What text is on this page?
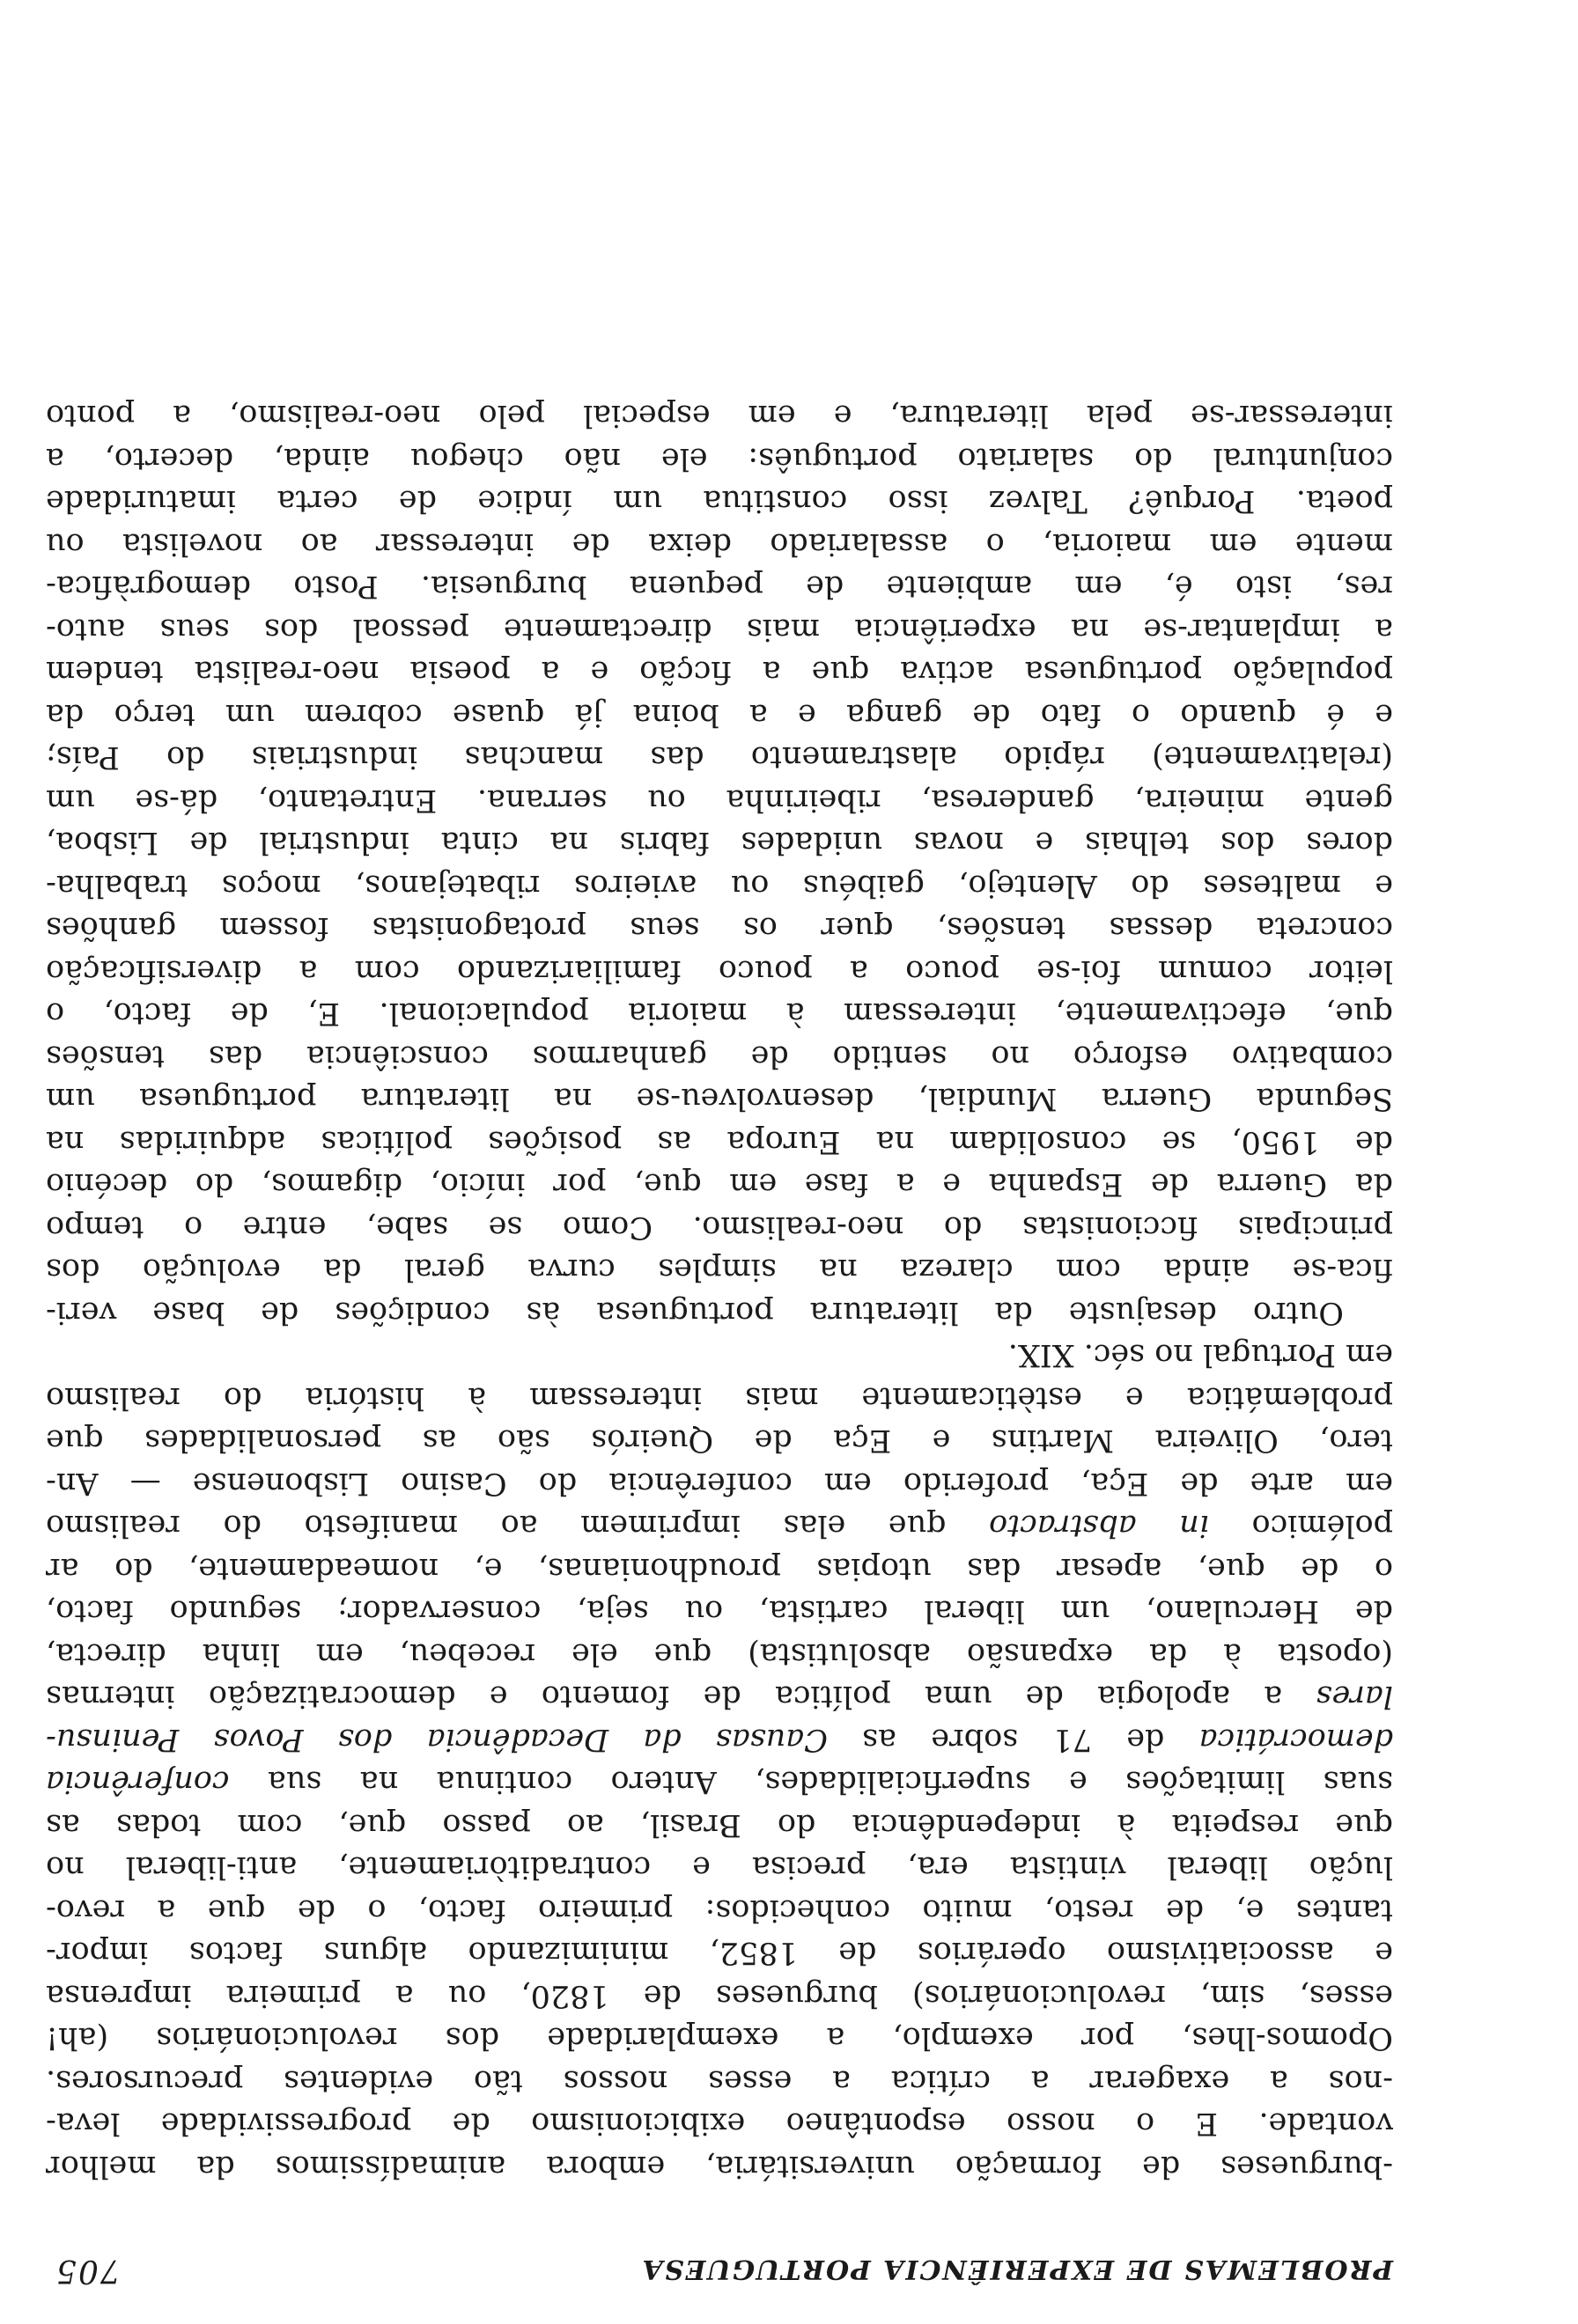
PROBLEMAS DE EXPERIÊNCIA PORTUGUESA
705
-burgueses de formação universitária, embora animadíssimos da melhor
vontade. E o nosso espontâneo exibicionismo de progressividade leva-
-nos a exagerar a crítica a esses nossos tão evidentes precursores.
Opomos-lhes, por exemplo, a exemplaridade dos revolucionários (ah!
esses, sim, revolucionários) burgueses de 1820, ou a primeira imprensa
e associativismo operários de 1852, minimizando alguns factos impor-
tantes e, de resto, muito conhecidos: primeiro facto, o de que a revo-
lução liberal vintista era, precisa e contraditòriamente, anti-liberal no
que respeita à independência do Brasil, ao passo que, com todas as
suas limitações e superficialidades, Antero continua na sua conferência
democrática de 71 sobre as Causas da Decadência dos Povos Peninsu-
lares a apologia de uma política de fomento e democratização internas
(oposta à da expansão absolutista) que ele recebeu, em linha directa,
de Herculano, um liberal cartista, ou seja, conservador; segundo facto,
o de que, apesar das utopias proudhonianas, e, nomeadamente, do ar
polémico in abstracto que elas imprimem ao manifesto do realismo
em arte de Eça, proferido em conferência do Casino Lisbonense — An-
tero, Oliveira Martins e Eça de Queirós são as personalidades que
problemática e estèticamente mais interessam à história do realismo
em Portugal no séc. XIX.
Outro desajuste da literatura portuguesa às condições de base veri-
fica-se ainda com clareza na simples curva geral da evolução dos
principais ficcionistas do neo-realismo. Como se sabe, entre o tempo
da Guerra de Espanha e a fase em que, por início, digamos, do decénio
de 1950, se consolidam na Europa as posições políticas adquiridas na
Segunda Guerra Mundial, desenvolveu-se na literatura portuguesa um
combativo esforço no sentido de ganharmos consciência das tensões
que, efectivamente, interessam à maioria populacional. E, de facto, o
leitor comum foi-se pouco a pouco familiarizando com a diversificação
concreta dessas tensões, quer os seus protagonistas fossem ganhões
e malteses do Alentejo, gaibéus ou avieiros ribatejanos, moços trabalha-
dores dos telhais e novas unidades fabris na cinta industrial de Lisboa,
gente mineira, ganderesa, ribeirinha ou serrana. Entretanto, dá-se um
(relativamente) rápido alastramento das manchas industriais do País;
e é quando o fato de ganga e a boina já quase cobrem um terço da
população portuguesa activa que a ficção e a poesia neo-realista tendem
a implantar-se na experiência mais directamente pessoal dos seus auto-
res, isto é, em ambiente de pequena burguesia. Posto demogràfica-
mente em maioria, o assalariado deixa de interessar ao novelista ou
poeta. Porquê? Talvez isso constitua um índice de certa imaturidade
conjuntural do salariato português: ele não chegou ainda, decerto, a
interessar-se pela literatura, e em especial pelo neo-realismo, a ponto
